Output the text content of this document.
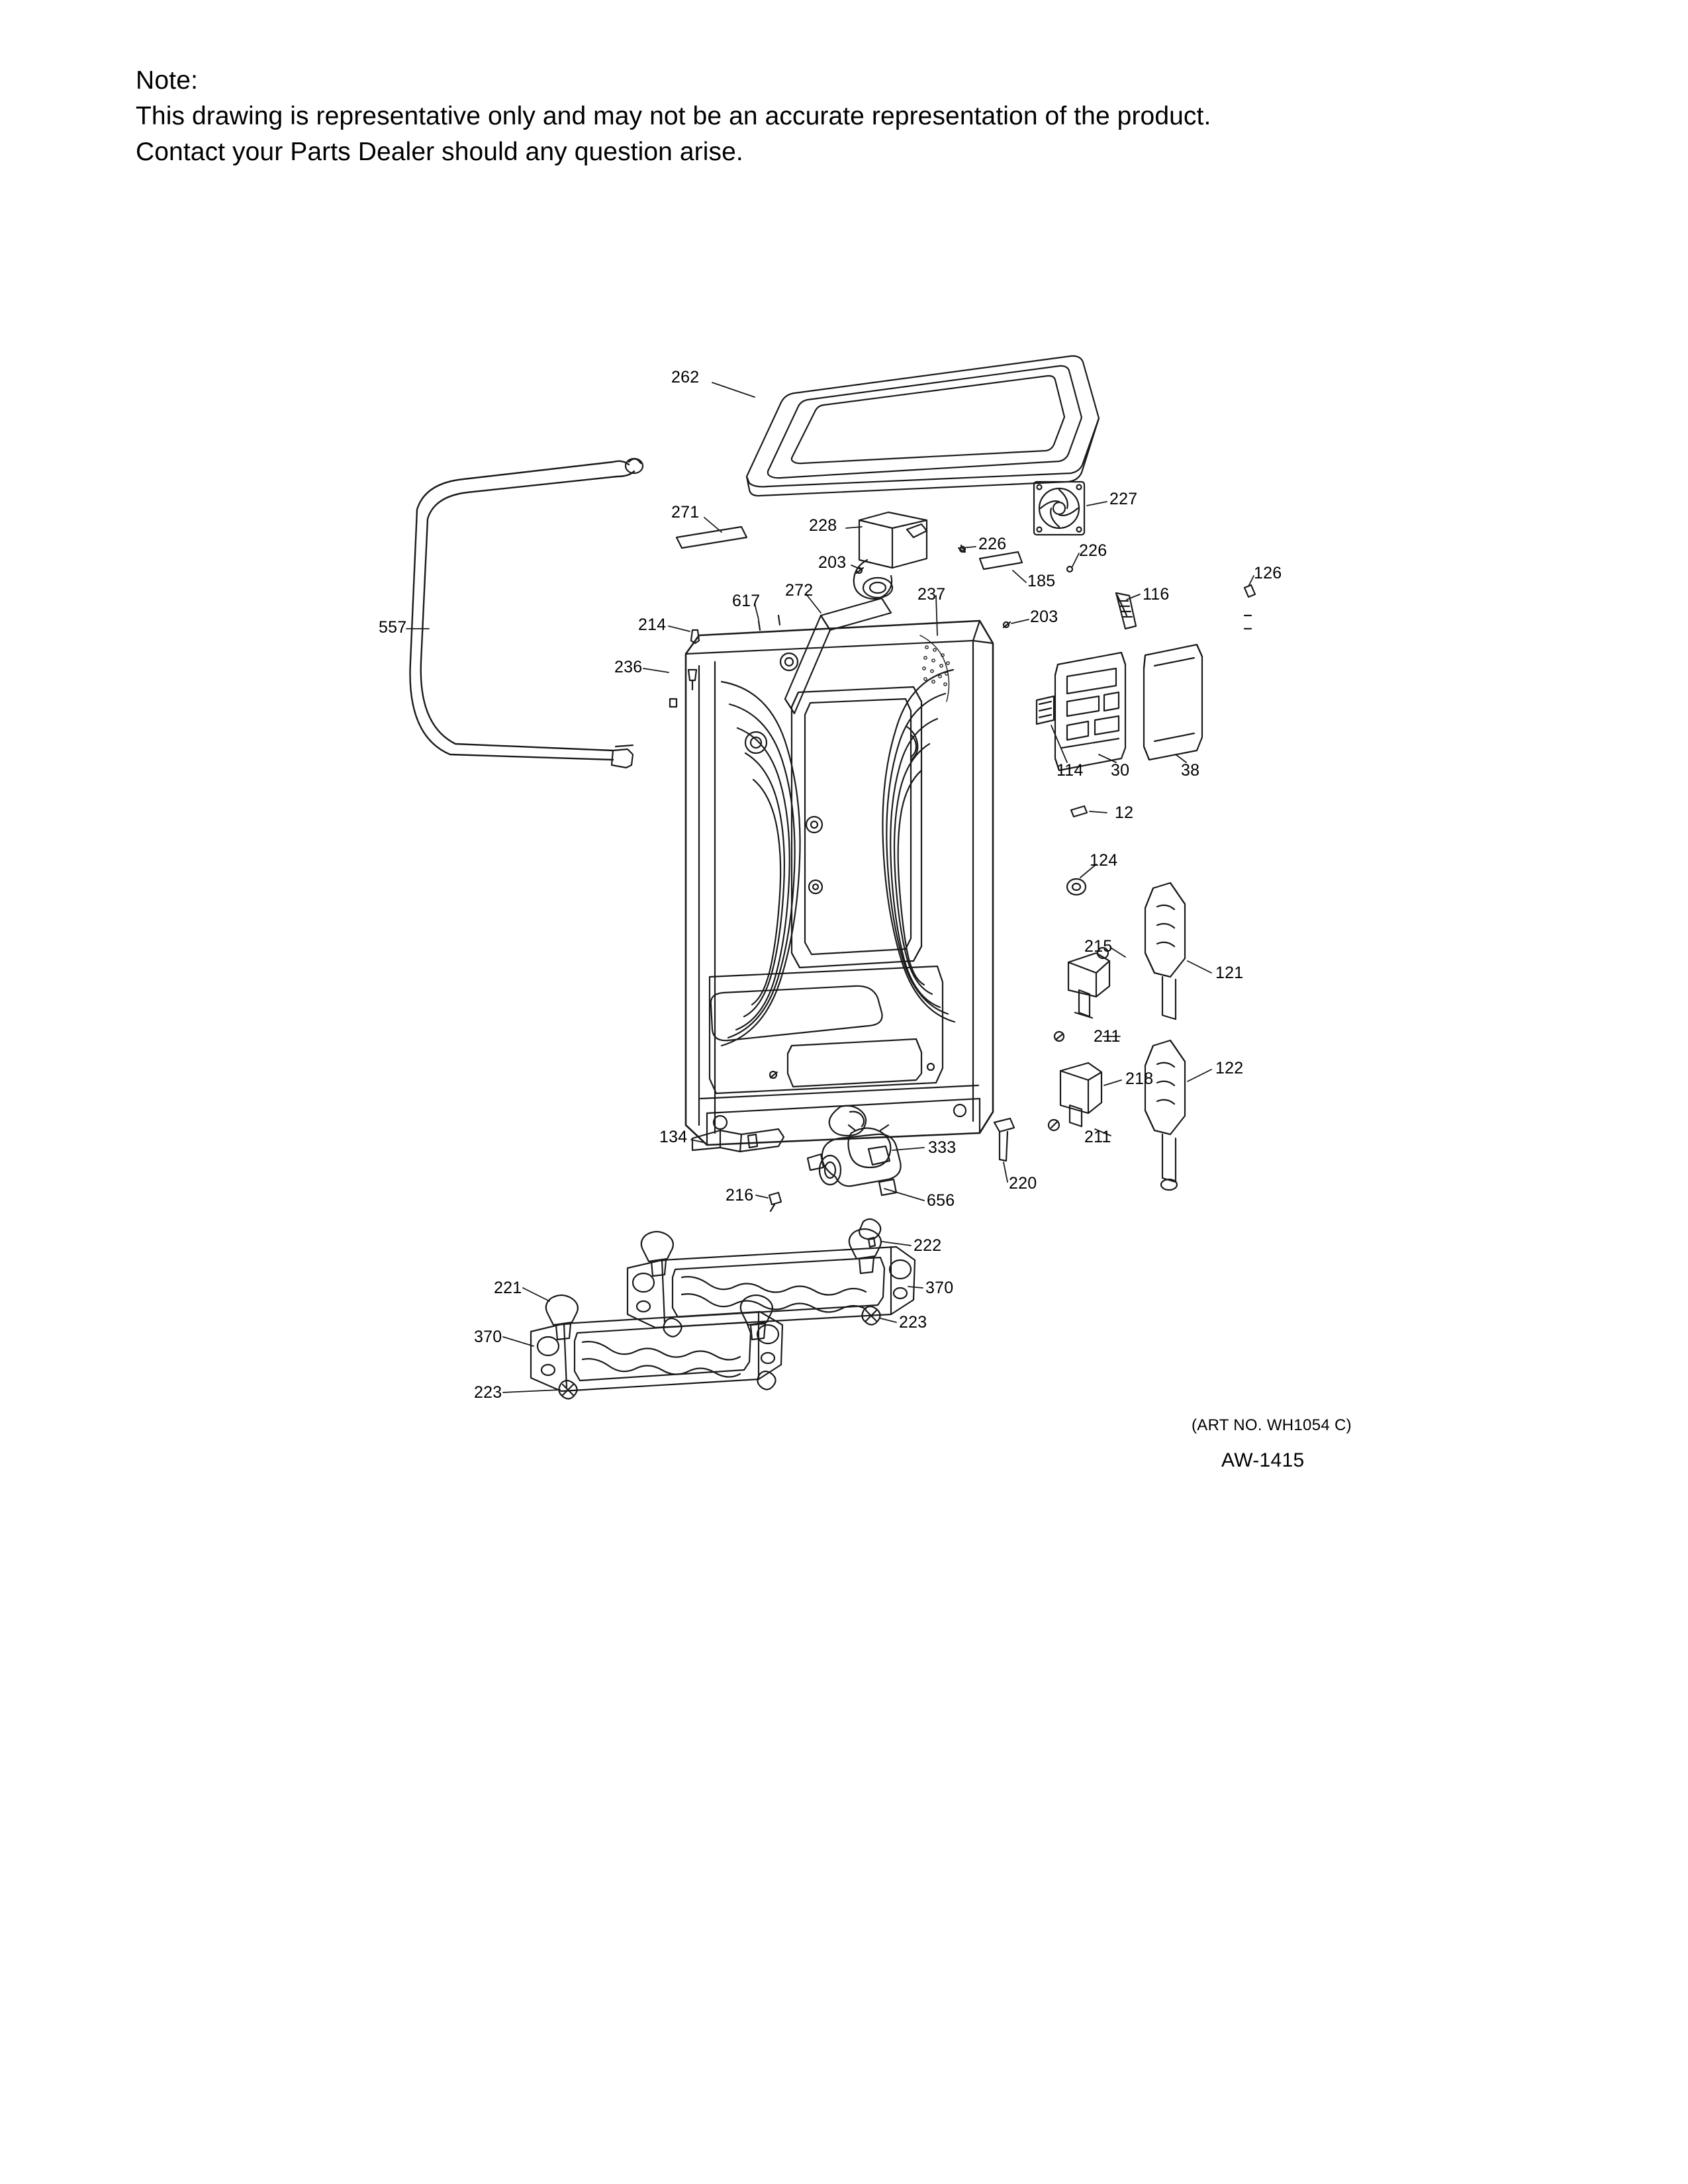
Note:
This drawing is representative only and may not be an accurate representation of the product.
Contact your Parts Dealer should any question arise.
262
271
228
227
226	226
203
185
116
126
617
272	237
203
557	214
236
114 30	38
12
124
215
121
211
122
218
211
134
333
220
216	656
222
370
221
223
370
223
(ART NO. WH1054 C)
AW-1415
